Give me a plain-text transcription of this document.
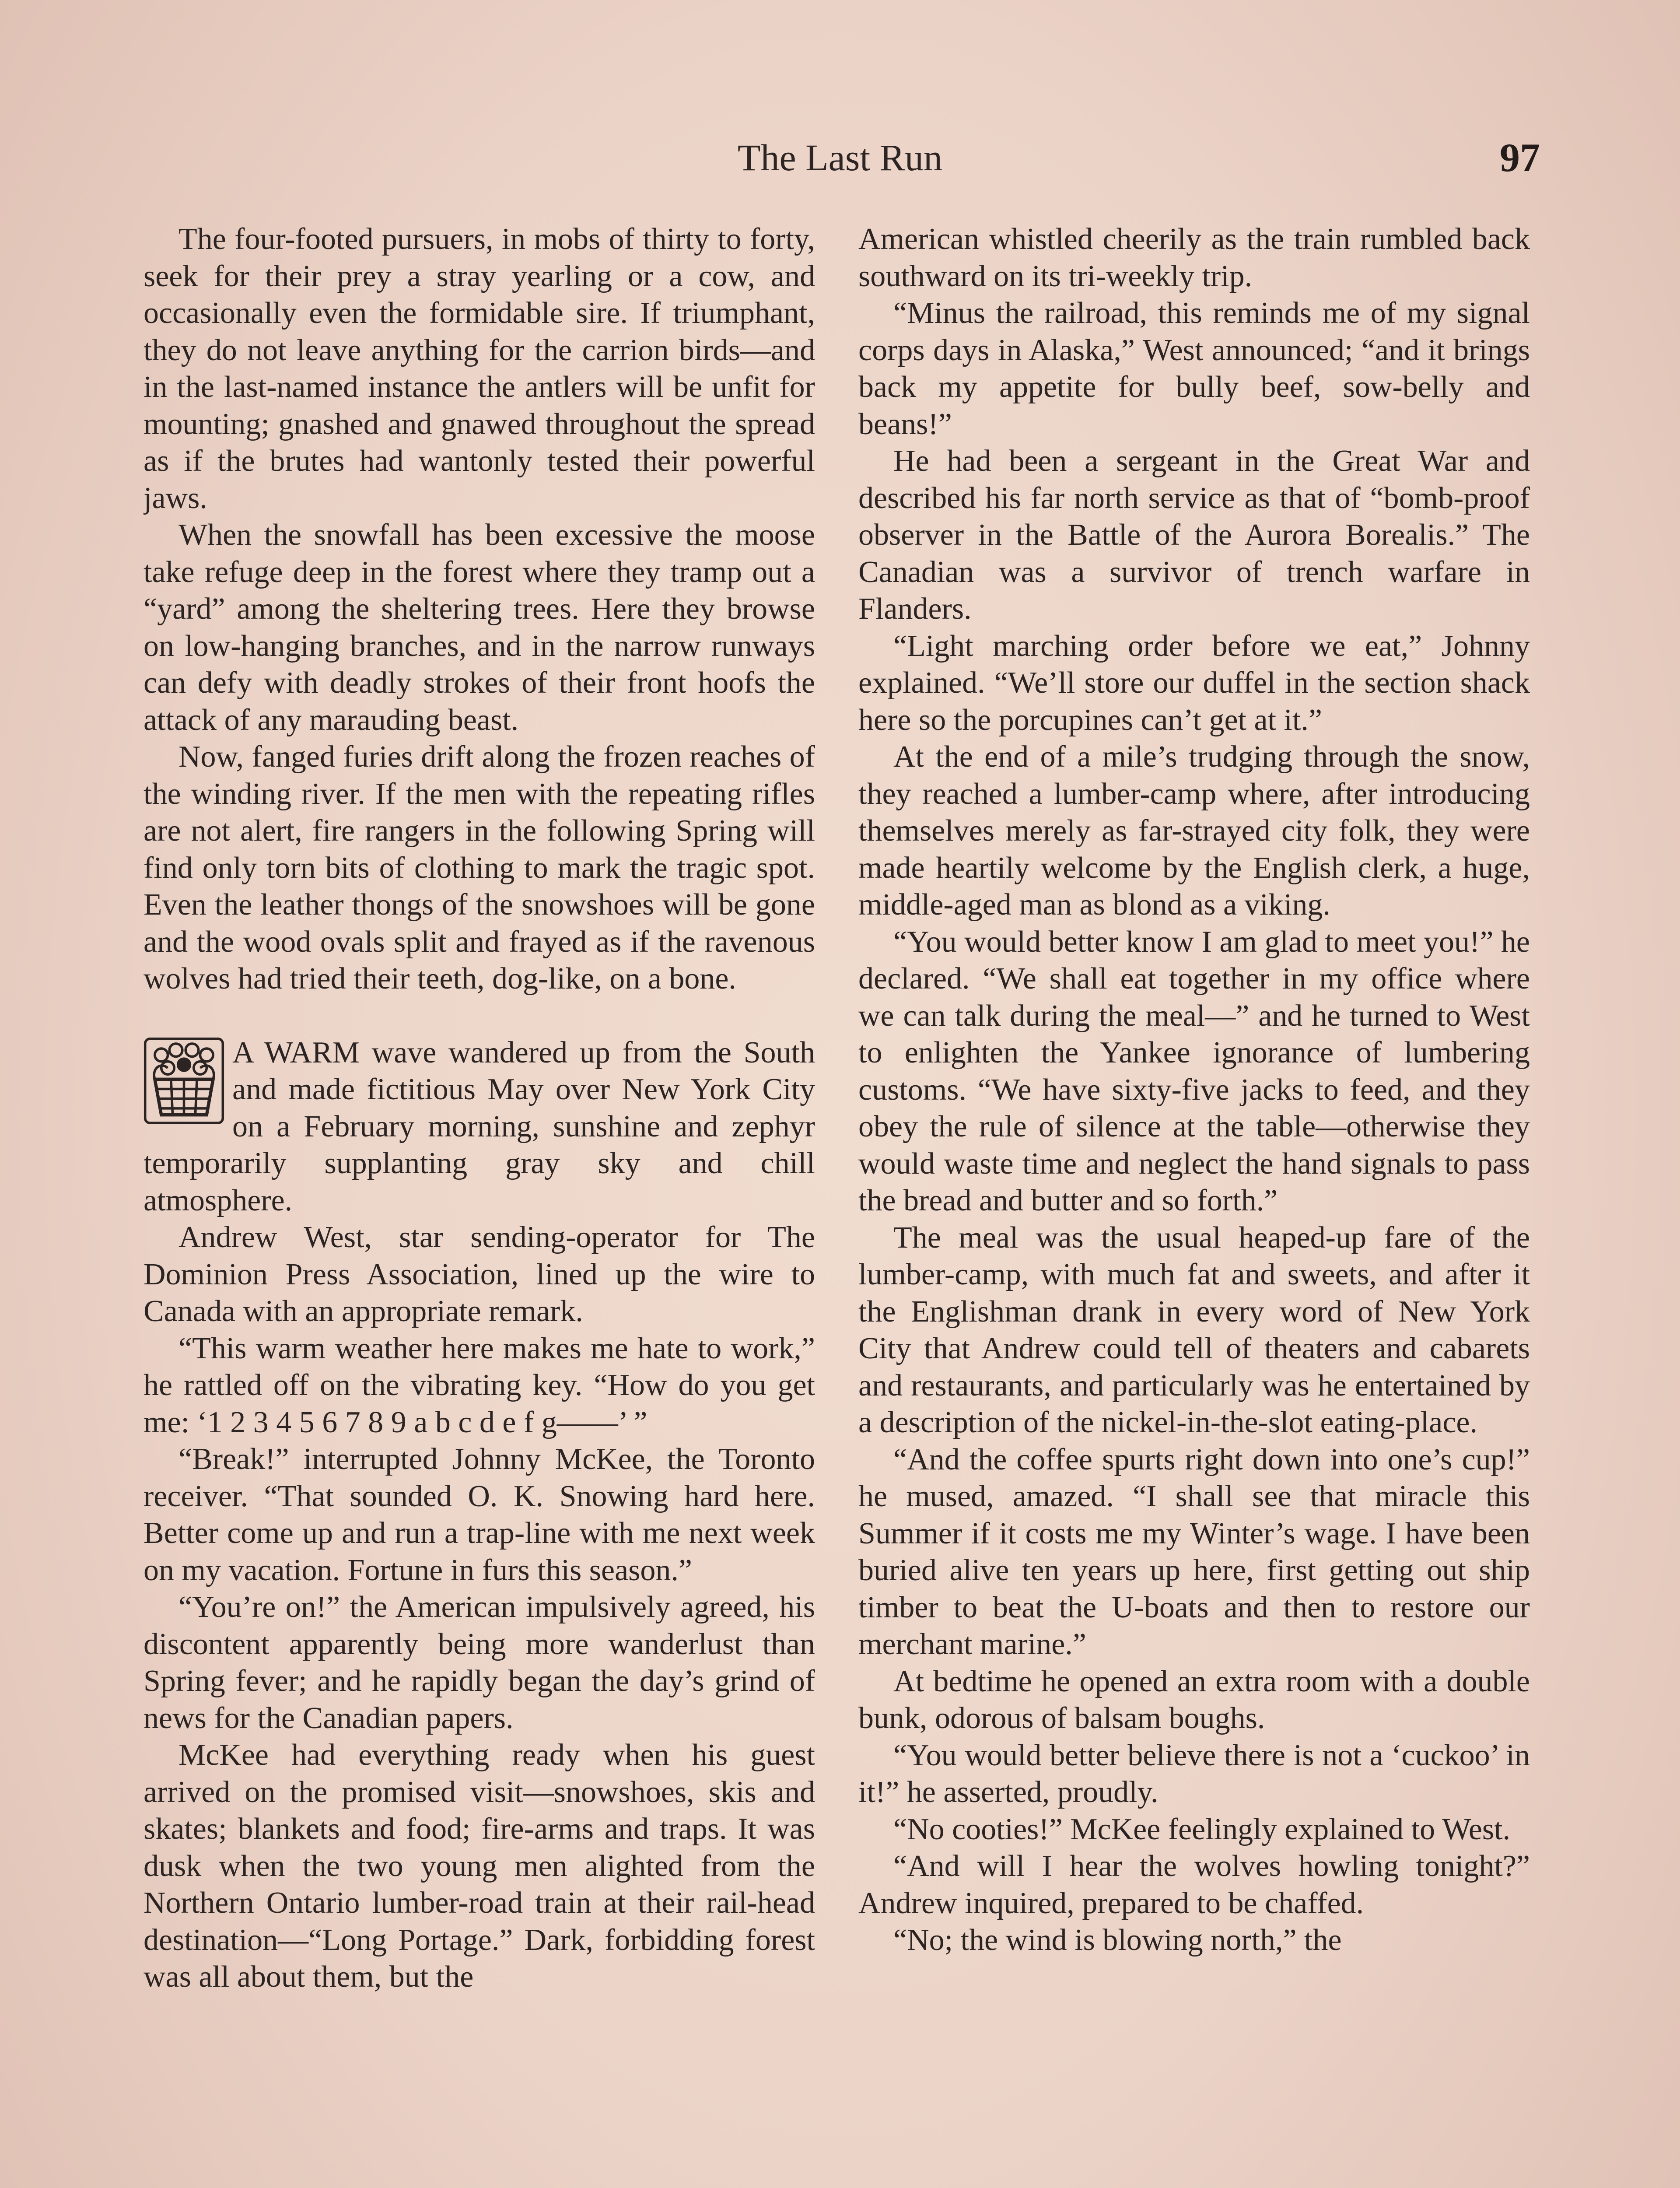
The Last Run	97

The four-footed pursuers, in mobs of thirty to forty, seek for their prey a stray yearling or a cow, and occasionally even the formidable sire. If triumphant, they do not leave anything for the carrion birds—and in the last-named instance the antlers will be unfit for mounting; gnashed and gnawed throughout the spread as if the brutes had wantonly tested their powerful jaws.

When the snowfall has been excessive the moose take refuge deep in the forest where they tramp out a “yard” among the sheltering trees. Here they browse on low-hanging branches, and in the narrow runways can defy with deadly strokes of their front hoofs the attack of any marauding beast.

Now, fanged furies drift along the frozen reaches of the winding river. If the men with the repeating rifles are not alert, fire rangers in the following Spring will find only torn bits of clothing to mark the tragic spot. Even the leather thongs of the snowshoes will be gone and the wood ovals split and frayed as if the ravenous wolves had tried their teeth, dog-like, on a bone.

A WARM wave wandered up from the South and made fictitious May over New York City on a February morning, sunshine and zephyr temporarily supplanting gray sky and chill atmosphere.

Andrew West, star sending-operator for The Dominion Press Association, lined up the wire to Canada with an appropriate remark.

“This warm weather here makes me hate to work,” he rattled off on the vibrating key. “How do you get me: ‘1 2 3 4 5 6 7 8 9 a b c d e f g——’ ”

“Break!” interrupted Johnny McKee, the Toronto receiver. “That sounded O. K. Snowing hard here. Better come up and run a trap-line with me next week on my vacation. Fortune in furs this season.”

“You’re on!” the American impulsively agreed, his discontent apparently being more wanderlust than Spring fever; and he rapidly began the day’s grind of news for the Canadian papers.

McKee had everything ready when his guest arrived on the promised visit—snowshoes, skis and skates; blankets and food; fire-arms and traps. It was dusk when the two young men alighted from the Northern Ontario lumber-road train at their rail-head destination—“Long Portage.” Dark, forbidding forest was all about them, but the

American whistled cheerily as the train rumbled back southward on its tri-weekly trip.

“Minus the railroad, this reminds me of my signal corps days in Alaska,” West announced; “and it brings back my appetite for bully beef, sow-belly and beans!”

He had been a sergeant in the Great War and described his far north service as that of “bomb-proof observer in the Battle of the Aurora Borealis.” The Canadian was a survivor of trench warfare in Flanders.

“Light marching order before we eat,” Johnny explained. “We’ll store our duffel in the section shack here so the porcupines can’t get at it.”

At the end of a mile’s trudging through the snow, they reached a lumber-camp where, after introducing themselves merely as far-strayed city folk, they were made heartily welcome by the English clerk, a huge, middle-aged man as blond as a viking.

“You would better know I am glad to meet you!” he declared. “We shall eat together in my office where we can talk during the meal—” and he turned to West to enlighten the Yankee ignorance of lumbering customs. “We have sixty-five jacks to feed, and they obey the rule of silence at the table—otherwise they would waste time and neglect the hand signals to pass the bread and butter and so forth.”

The meal was the usual heaped-up fare of the lumber-camp, with much fat and sweets, and after it the Englishman drank in every word of New York City that Andrew could tell of theaters and cabarets and restaurants, and particularly was he entertained by a description of the nickel-in-the-slot eating-place.

“And the coffee spurts right down into one’s cup!” he mused, amazed. “I shall see that miracle this Summer if it costs me my Winter’s wage. I have been buried alive ten years up here, first getting out ship timber to beat the U-boats and then to restore our merchant marine.”

At bedtime he opened an extra room with a double bunk, odorous of balsam boughs.

“You would better believe there is not a ‘cuckoo’ in it!” he asserted, proudly.

“No cooties!” McKee feelingly explained to West.

“And will I hear the wolves howling tonight?” Andrew inquired, prepared to be chaffed.

“No; the wind is blowing north,” the
